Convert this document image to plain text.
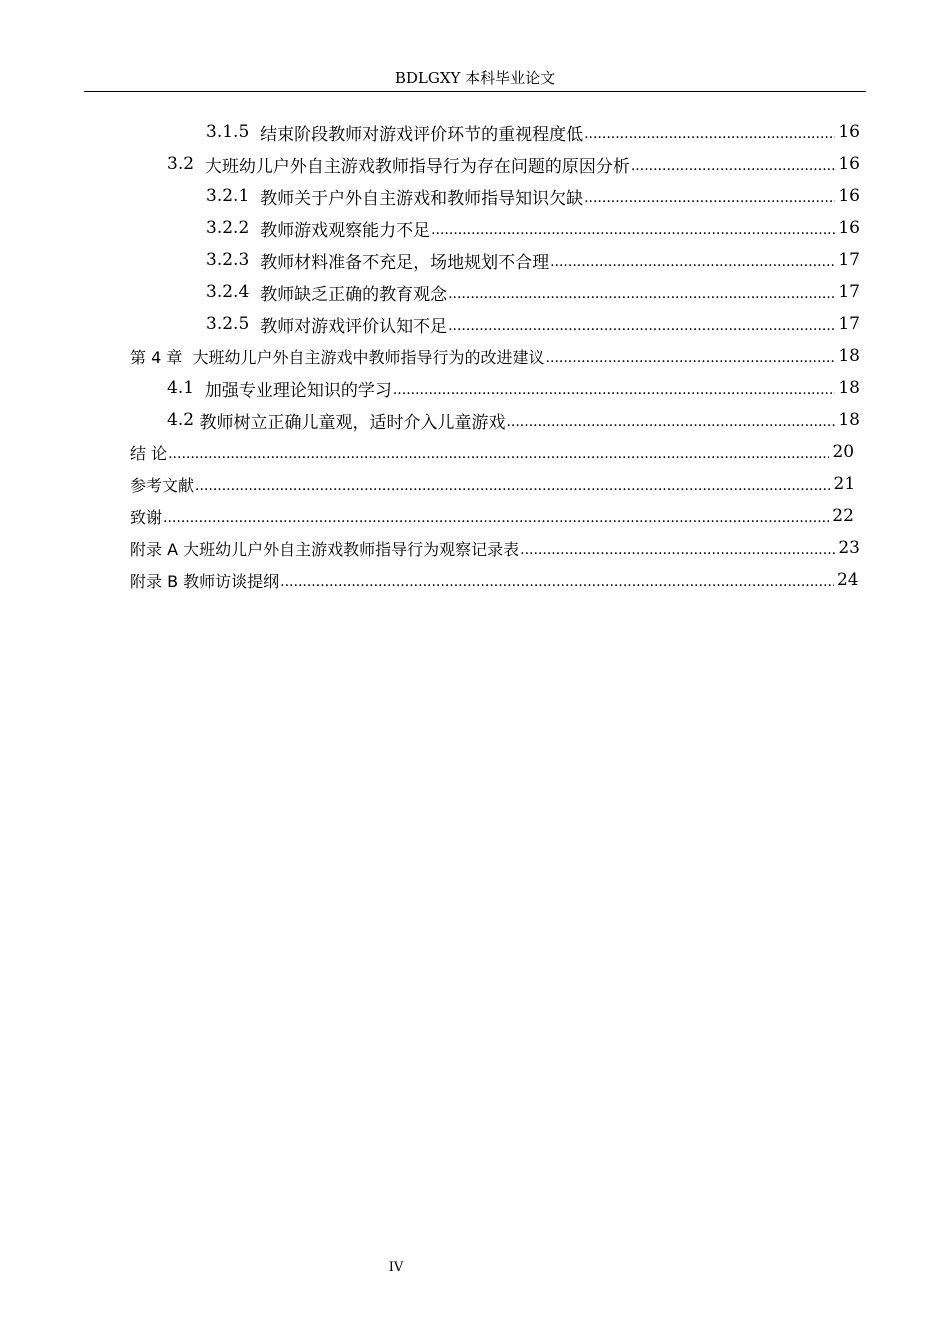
BDLGXY 本科毕业论文
3.1.5 结束阶段教师对游戏评价环节的重视程度低 .....	16
3.2 大班幼儿户外自主游戏教师指导行为存在问题的原因分析 .....	16
3.2.1 教师关于户外自主游戏和教师指导知识欠缺 .....	16
3.2.2 教师游戏观察能力不足 .....	16
3.2.3 教师材料准备不充足，场地规划不合理 .....	17
3.2.4 教师缺乏正确的教育观念 .....	17
3.2.5 教师对游戏评价认知不足 .....	17
第 4 章 大班幼儿户外自主游戏中教师指导行为的改进建议 .....	18
4.1 加强专业理论知识的学习 .....	18
4.2 教师树立正确儿童观，适时介入儿童游戏 .....	18
结 论 .....	20
参考文献 .....	21
致谢 .....	22
附录 A 大班幼儿户外自主游戏教师指导行为观察记录表 .....	23
附录 B 教师访谈提纲 .....	24
IV
